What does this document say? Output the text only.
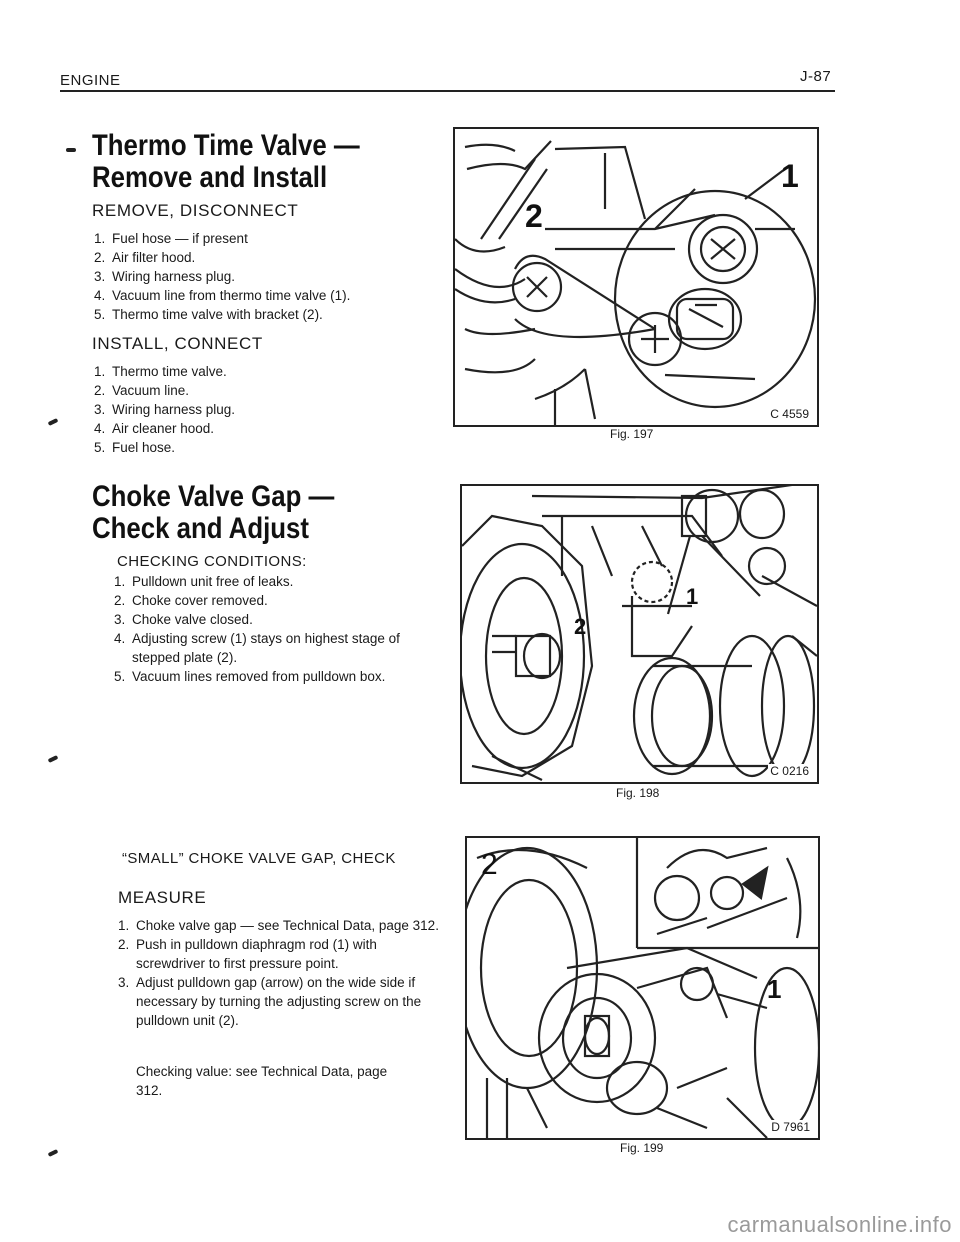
ENGINE	J-87
Thermo Time Valve —
Remove and Install
REMOVE, DISCONNECT
1. Fuel hose — if present
2. Air filter hood.
3. Wiring harness plug.
4. Vacuum line from thermo time valve (1).
5. Thermo time valve with bracket (2).
INSTALL, CONNECT
1. Thermo time valve.
2. Vacuum line.
3. Wiring harness plug.
4. Air cleaner hood.
5. Fuel hose.
Choke Valve Gap —
Check and Adjust
CHECKING CONDITIONS:
1. Pulldown unit free of leaks.
2. Choke cover removed.
3. Choke valve closed.
4. Adjusting screw (1) stays on highest stage of stepped plate (2).
5. Vacuum lines removed from pulldown box.
“SMALL” CHOKE VALVE GAP, CHECK
MEASURE
1. Choke valve gap — see Technical Data, page 312.
2. Push in pulldown diaphragm rod (1) with screwdriver to first pressure point.
3. Adjust pulldown gap (arrow) on the wide side if necessary by turning the adjusting screw on the pulldown unit (2).
Checking value: see Technical Data, page 312.
2
1
C 4559
Fig. 197
1
2
C 0216
Fig. 198
2
1
D 7961
Fig. 199
carmanualsonline.info
